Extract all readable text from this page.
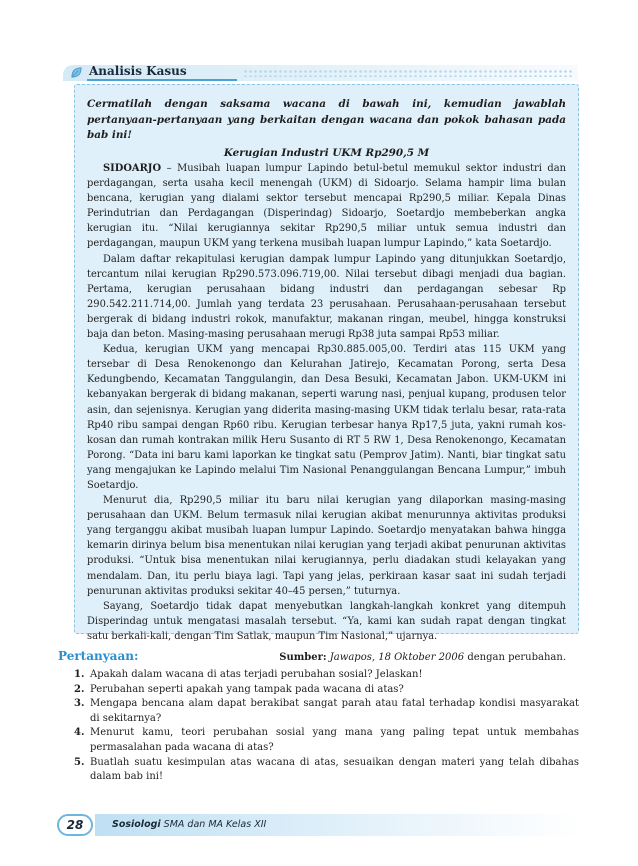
Analisis Kasus

Cermatilah dengan saksama wacana di bawah ini, kemudian jawablah pertanyaan-pertanyaan yang berkaitan dengan wacana dan pokok bahasan pada bab ini!

Kerugian Industri UKM Rp290,5 M

SIDOARJO – Musibah luapan lumpur Lapindo betul-betul memukul sektor industri dan perdagangan, serta usaha kecil menengah (UKM) di Sidoarjo. Selama hampir lima bulan bencana, kerugian yang dialami sektor tersebut mencapai Rp290,5 miliar. Kepala Dinas Perindutrian dan Perdagangan (Disperindag) Sidoarjo, Soetardjo membeberkan angka kerugian itu. “Nilai kerugiannya sekitar Rp290,5 miliar untuk semua industri dan perdagangan, maupun UKM yang terkena musibah luapan lumpur Lapindo,” kata Soetardjo.

Dalam daftar rekapitulasi kerugian dampak lumpur Lapindo yang ditunjukkan Soetardjo, tercantum nilai kerugian Rp290.573.096.719,00. Nilai tersebut dibagi menjadi dua bagian. Pertama, kerugian perusahaan bidang industri dan perdagangan sebesar Rp 290.542.211.714,00. Jumlah yang terdata 23 perusahaan. Perusahaan-perusahaan tersebut bergerak di bidang industri rokok, manufaktur, makanan ringan, meubel, hingga konstruksi baja dan beton. Masing-masing perusahaan merugi Rp38 juta sampai Rp53 miliar.

Kedua, kerugian UKM yang mencapai Rp30.885.005,00. Terdiri atas 115 UKM yang tersebar di Desa Renokenongo dan Kelurahan Jatirejo, Kecamatan Porong, serta Desa Kedungbendo, Kecamatan Tanggulangin, dan Desa Besuki, Kecamatan Jabon. UKM-UKM ini kebanyakan bergerak di bidang makanan, seperti warung nasi, penjual kupang, produsen telor asin, dan sejenisnya. Kerugian yang diderita masing-masing UKM tidak terlalu besar, rata-rata Rp40 ribu sampai dengan Rp60 ribu. Kerugian terbesar hanya Rp17,5 juta, yakni rumah kos-kosan dan rumah kontrakan milik Heru Susanto di RT 5 RW 1, Desa Renokenongo, Kecamatan Porong. “Data ini baru kami laporkan ke tingkat satu (Pemprov Jatim). Nanti, biar tingkat satu yang mengajukan ke Lapindo melalui Tim Nasional Penanggulangan Bencana Lumpur,” imbuh Soetardjo.

Menurut dia, Rp290,5 miliar itu baru nilai kerugian yang dilaporkan masing-masing perusahaan dan UKM. Belum termasuk nilai kerugian akibat menurunnya aktivitas produksi yang terganggu akibat musibah luapan lumpur Lapindo. Soetardjo menyatakan bahwa hingga kemarin dirinya belum bisa menentukan nilai kerugian yang terjadi akibat penurunan aktivitas produksi. “Untuk bisa menentukan nilai kerugiannya, perlu diadakan studi kelayakan yang mendalam. Dan, itu perlu biaya lagi. Tapi yang jelas, perkiraan kasar saat ini sudah terjadi penurunan aktivitas produksi sekitar 40–45 persen,” tuturnya.

Sayang, Soetardjo tidak dapat menyebutkan langkah-langkah konkret yang ditempuh Disperindag untuk mengatasi masalah tersebut. “Ya, kami kan sudah rapat dengan tingkat satu berkali-kali, dengan Tim Satlak, maupun Tim Nasional,” ujarnya.

Sumber: Jawapos, 18 Oktober 2006 dengan perubahan.

Pertanyaan:
1. Apakah dalam wacana di atas terjadi perubahan sosial? Jelaskan!
2. Perubahan seperti apakah yang tampak pada wacana di atas?
3. Mengapa bencana alam dapat berakibat sangat parah atau fatal terhadap kondisi masyarakat di sekitarnya?
4. Menurut kamu, teori perubahan sosial yang mana yang paling tepat untuk membahas permasalahan pada wacana di atas?
5. Buatlah suatu kesimpulan atas wacana di atas, sesuaikan dengan materi yang telah dibahas dalam bab ini!
28	Sosiologi SMA dan MA Kelas XII
